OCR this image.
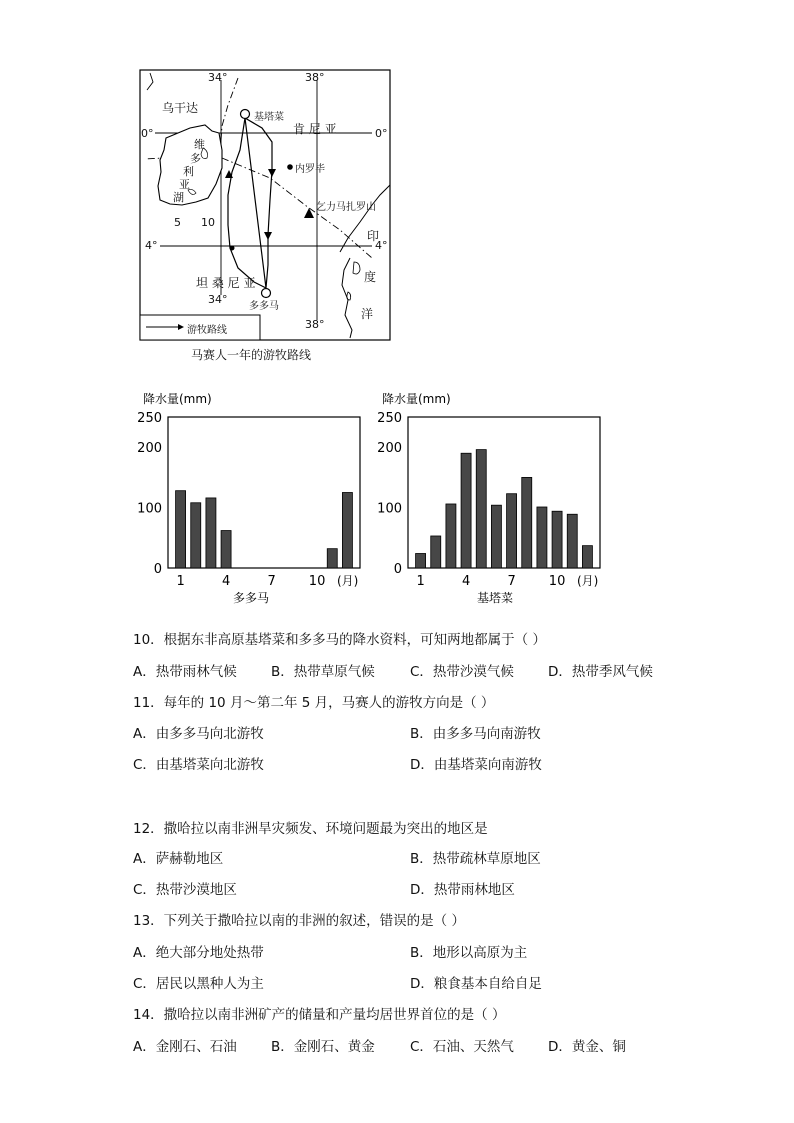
34°	38°
乌干达
基塔菜
0°	0°
肯 尼 亚
维
多
利
亚
湖
内罗毕
5 10
乞力马扎罗山
印
4°	4°
度
坦 桑 尼 亚
34°
多多马
洋
38°
游牧路线
马赛人一年的游牧路线
降水量(mm)
0
100
200
250
1	4	7	10 (月)
多多马
降水量(mm)
0
100
200
250
1	4	7	10 (月)
基塔菜
10．根据东非高原基塔菜和多多马的降水资料，可知两地都属于（ ）
A．热带雨林气候	B．热带草原气候	C．热带沙漠气候	D．热带季风气候
11．每年的 10 月～第二年 5 月，马赛人的游牧方向是（ ）
A．由多多马向北游牧	B．由多多马向南游牧
C．由基塔菜向北游牧	D．由基塔菜向南游牧
12．撒哈拉以南非洲旱灾频发、环境问题最为突出的地区是
A．萨赫勒地区	B．热带疏林草原地区
C．热带沙漠地区	D．热带雨林地区
13．下列关于撒哈拉以南的非洲的叙述，错误的是（ ）
A．绝大部分地处热带	B．地形以高原为主
C．居民以黑种人为主	D．粮食基本自给自足
14．撒哈拉以南非洲矿产的储量和产量均居世界首位的是（ ）
A．金刚石、石油	B．金刚石、黄金	C．石油、天然气	D．黄金、铜
